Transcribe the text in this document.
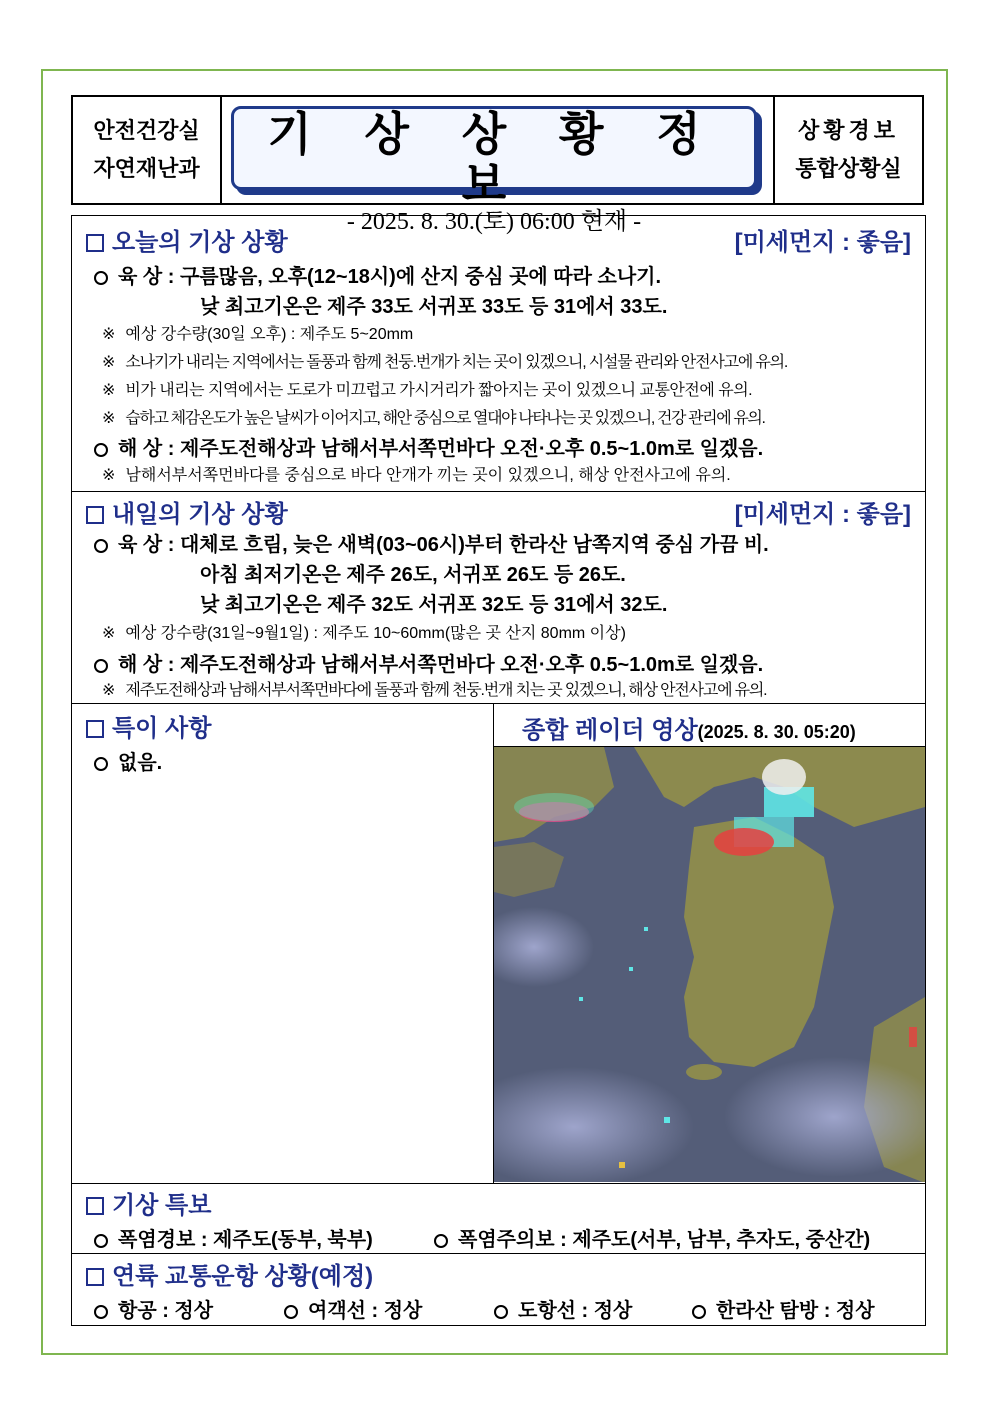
안전건강실
자연재난과
기 상 상 황 정 보
- 2025. 8. 30.(토) 06:00 현재 -
상황경보
통합상황실
오늘의 기상 상황	[미세먼지 : 좋음]
육 상 : 구름많음, 오후(12~18시)에 산지 중심 곳에 따라 소나기.
낮 최고기온은 제주 33도 서귀포 33도 등 31에서 33도.
※ 예상 강수량(30일 오후) : 제주도 5~20mm
※ 소나기가 내리는 지역에서는 돌풍과 함께 천둥.번개가 치는 곳이 있겠으니, 시설물 관리와 안전사고에 유의.
※ 비가 내리는 지역에서는 도로가 미끄럽고 가시거리가 짧아지는 곳이 있겠으니 교통안전에 유의.
※ 습하고 체감온도가 높은 날씨가 이어지고, 해안 중심으로 열대야 나타나는 곳 있겠으니, 건강 관리에 유의.
해 상 : 제주도전해상과 남해서부서쪽먼바다 오전·오후 0.5~1.0m로 일겠음.
※ 남해서부서쪽먼바다를 중심으로 바다 안개가 끼는 곳이 있겠으니, 해상 안전사고에 유의.
내일의 기상 상황	[미세먼지 : 좋음]
육 상 : 대체로 흐림, 늦은 새벽(03~06시)부터 한라산 남쪽지역 중심 가끔 비.
아침 최저기온은 제주 26도, 서귀포 26도 등 26도.
낮 최고기온은 제주 32도 서귀포 32도 등 31에서 32도.
※ 예상 강수량(31일~9월1일) : 제주도 10~60mm(많은 곳 산지 80mm 이상)
해 상 : 제주도전해상과 남해서부서쪽먼바다 오전·오후 0.5~1.0m로 일겠음.
※ 제주도전해상과 남해서부서쪽먼바다에 돌풍과 함께 천둥.번개 치는 곳 있겠으니, 해상 안전사고에 유의.
특이 사항
없음.
종합 레이더 영상(2025. 8. 30. 05:20)
기상 특보
폭염경보 : 제주도(동부, 북부)	폭염주의보 : 제주도(서부, 남부, 추자도, 중산간)
연륙 교통운항 상황(예정)
항공 : 정상	여객선 : 정상	도항선 : 정상	한라산 탐방 : 정상
